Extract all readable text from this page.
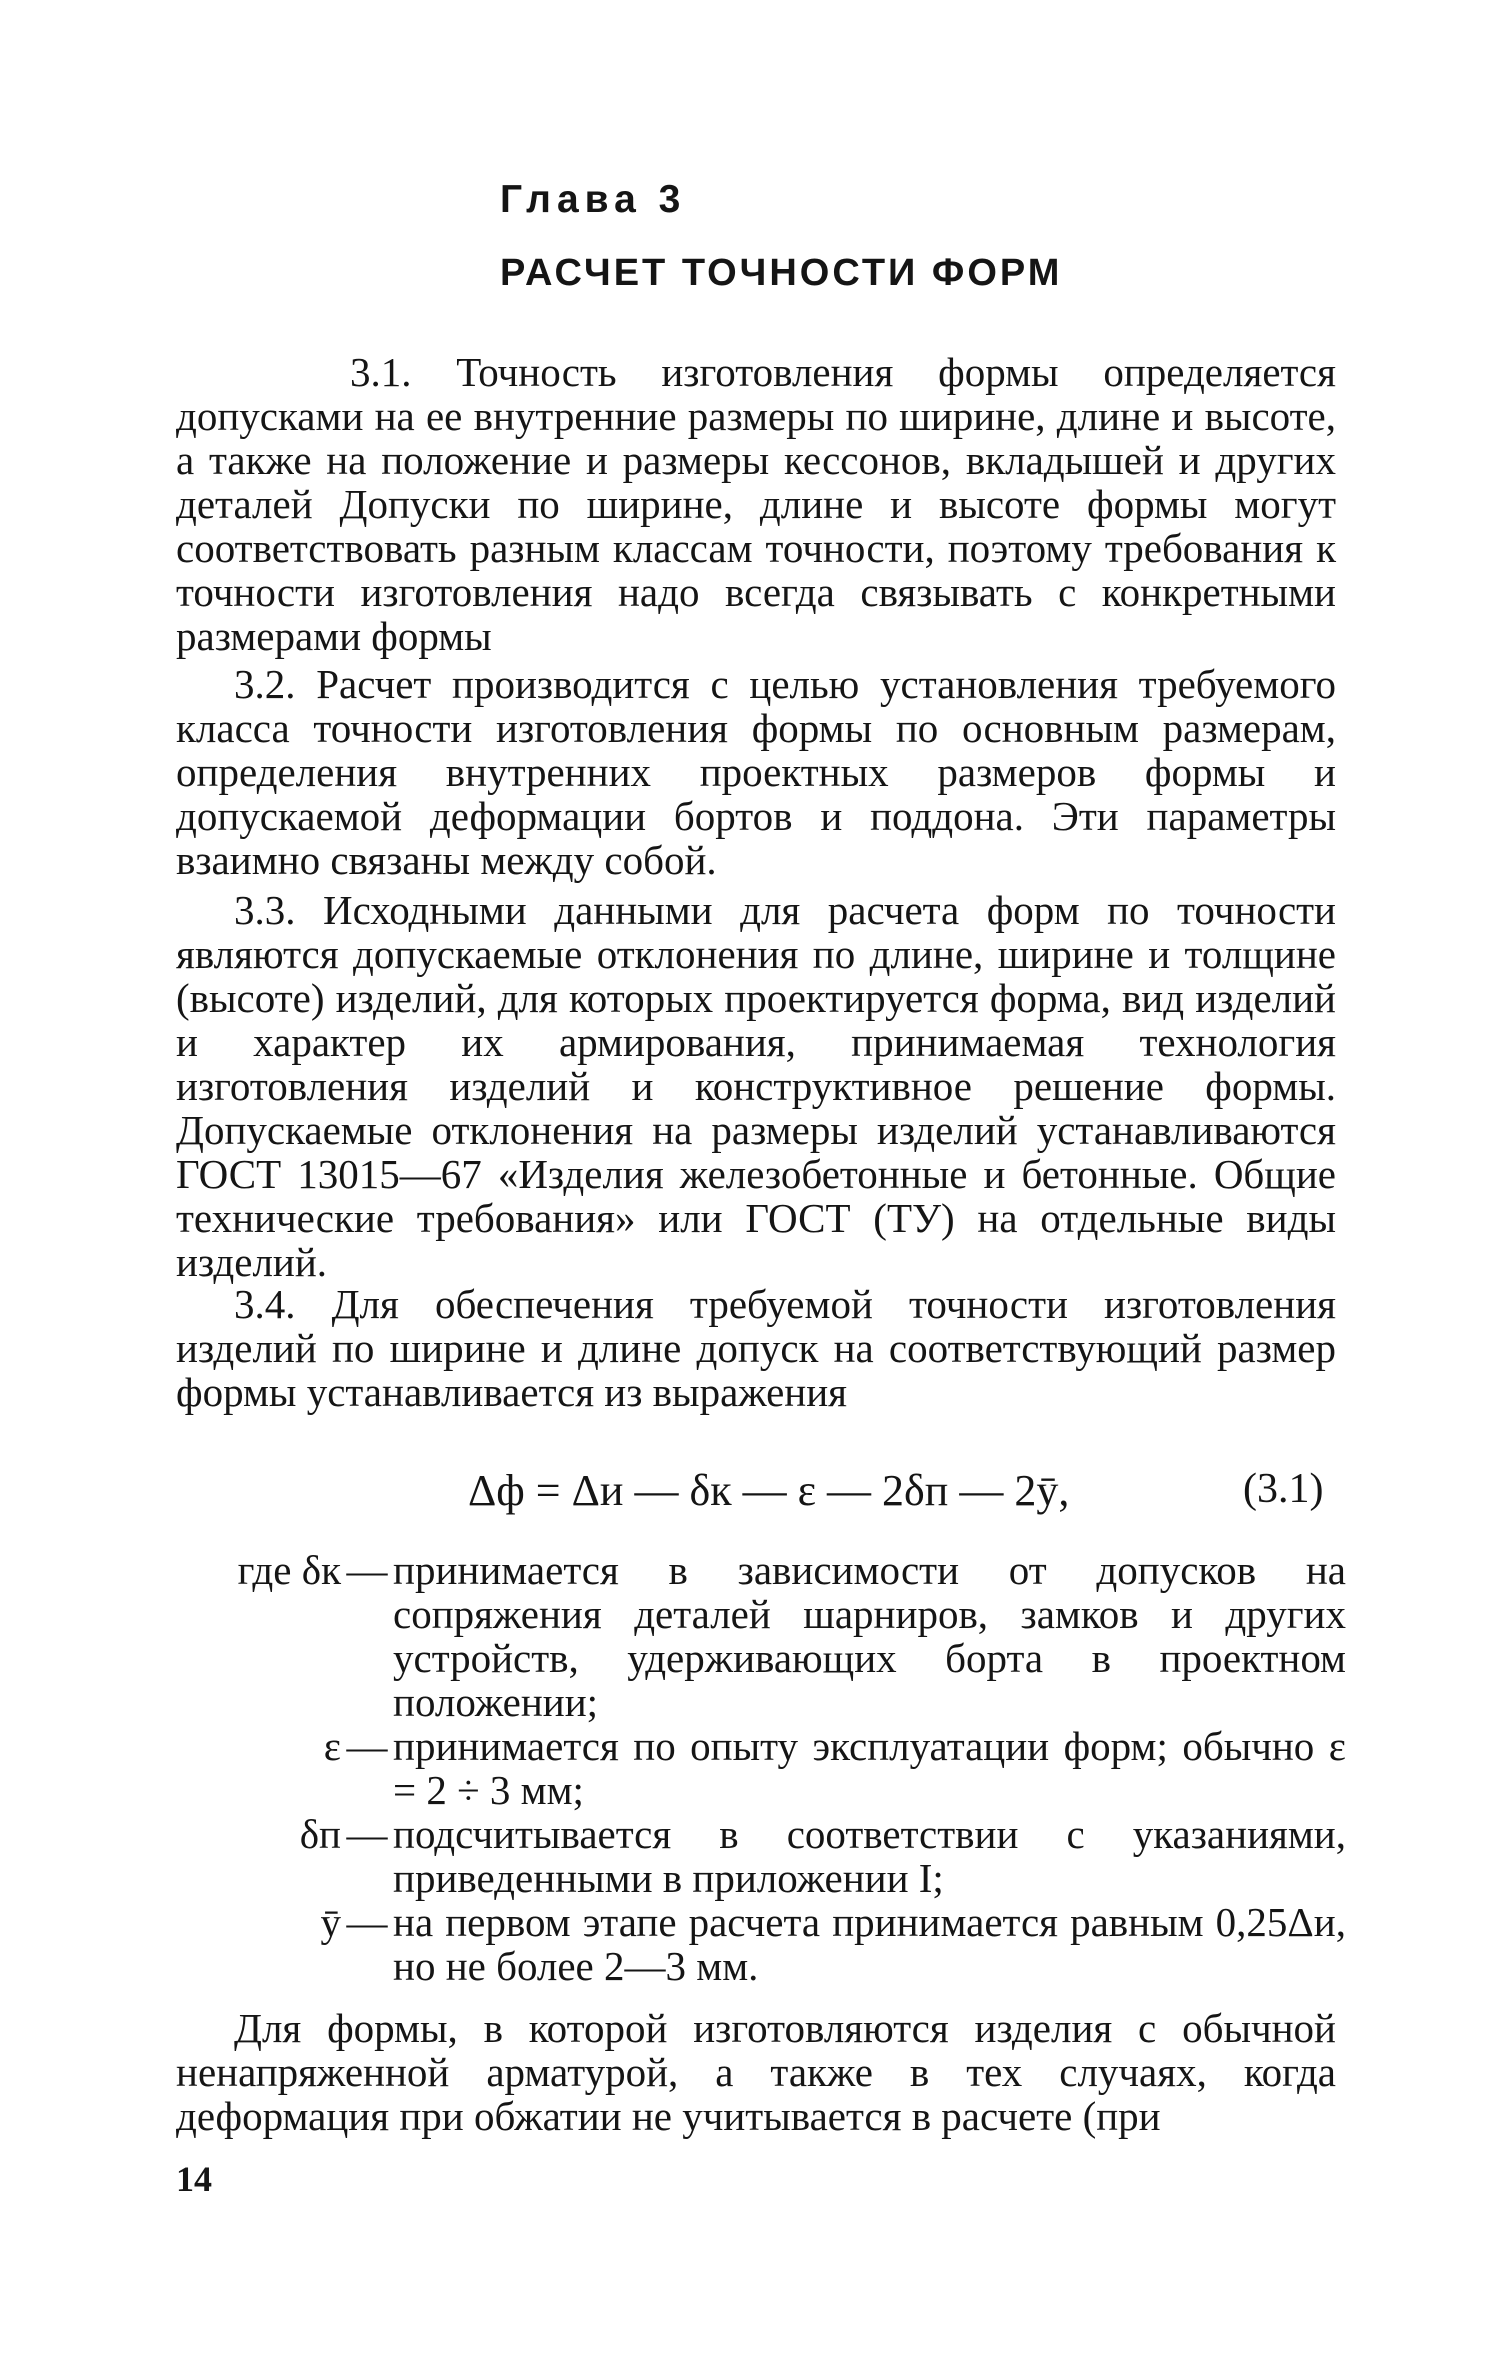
Глава 3
РАСЧЕТ ТОЧНОСТИ ФОРМ
3.1. Точность изготовления формы определяется допусками на ее внутренние размеры по ширине, длине и высоте, а также на положение и размеры кессонов, вкладышей и других деталей Допуски по ширине, длине и высоте формы могут соответствовать разным классам точности, поэтому требования к точности изготовления надо всегда связывать с конкретными размерами формы
3.2. Расчет производится с целью установления требуемого класса точности изготовления формы по основным размерам, определения внутренних проектных размеров формы и допускаемой деформации бортов и поддона. Эти параметры взаимно связаны между собой.
3.3. Исходными данными для расчета форм по точности являются допускаемые отклонения по длине, ширине и толщине (высоте) изделий, для которых проектируется форма, вид изделий и характер их армирования, принимаемая технология изготовления изделий и конструктивное решение формы. Допускаемые отклонения на размеры изделий устанавливаются ГОСТ 13015—67 «Изделия железобетонные и бетонные. Общие технические требования» или ГОСТ (ТУ) на отдельные виды изделий.
3.4. Для обеспечения требуемой точности изготовления изделий по ширине и длине допуск на соответствующий размер формы устанавливается из выражения
Δф = Δи — δк — ε — 2δп — 2ȳ,	(3.1)
где δк — принимается в зависимости от допусков на сопряжения деталей шарниров, замков и других устройств, удерживающих борта в проектном положении;
ε — принимается по опыту эксплуатации форм; обычно ε = 2 ÷ 3 мм;
δп — подсчитывается в соответствии с указаниями, приведенными в приложении I;
ȳ — на первом этапе расчета принимается равным 0,25Δи, но не более 2—3 мм.
Для формы, в которой изготовляются изделия с обычной ненапряженной арматурой, а также в тех случаях, когда деформация при обжатии не учитывается в расчете (при
14
